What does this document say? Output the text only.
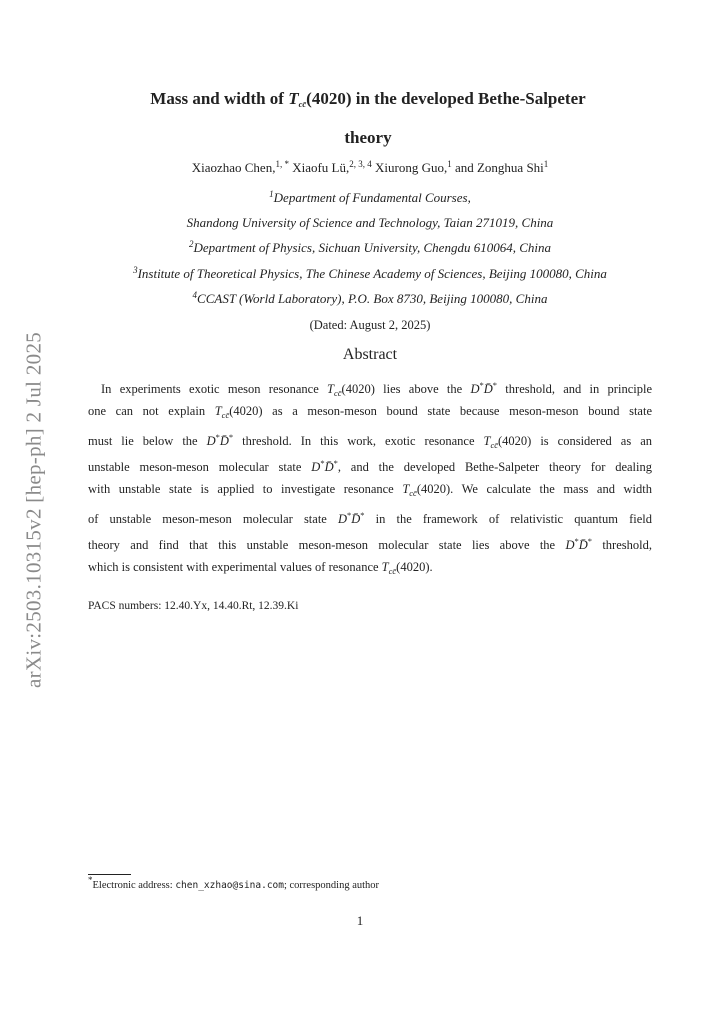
arXiv:2503.10315v2 [hep-ph] 2 Jul 2025
Mass and width of $T_{cc̄}(4020)$ in the developed Bethe-Salpeter
theory
Xiaozhao Chen,$^{1, *}$ Xiaofu Lü,$^{2, 3, 4}$ Xiurong Guo,$^1$ and Zonghua Shi$^1$
$^1$Department of Fundamental Courses,
Shandong University of Science and Technology, Taian 271019, China
$^2$Department of Physics, Sichuan University, Chengdu 610064, China
$^3$Institute of Theoretical Physics, The Chinese Academy of Sciences, Beijing 100080, China
$^4$CCAST (World Laboratory), P.O. Box 8730, Beijing 100080, China
(Dated: August 2, 2025)
Abstract
In experiments exotic meson resonance $T_{cc̄}(4020)$ lies above the D*D̄* threshold, and in principle
one can not explain $T_{cc̄}(4020)$ as a meson-meson bound state because meson-meson bound state
must lie below the D*D̄* threshold. In this work, exotic resonance $T_{cc̄}(4020)$ is considered as an
unstable meson-meson molecular state D*D̄*, and the developed Bethe-Salpeter theory for dealing
with unstable state is applied to investigate resonance $T_{cc̄}(4020)$. We calculate the mass and width
of unstable meson-meson molecular state D*D̄* in the framework of relativistic quantum field
theory and find that this unstable meson-meson molecular state lies above the D*D̄* threshold,
which is consistent with experimental values of resonance $T_{cc̄}(4020)$.
PACS numbers: 12.40.Yx, 14.40.Rt, 12.39.Ki
*Electronic address: chen_xzhao@sina.com; corresponding author
1
